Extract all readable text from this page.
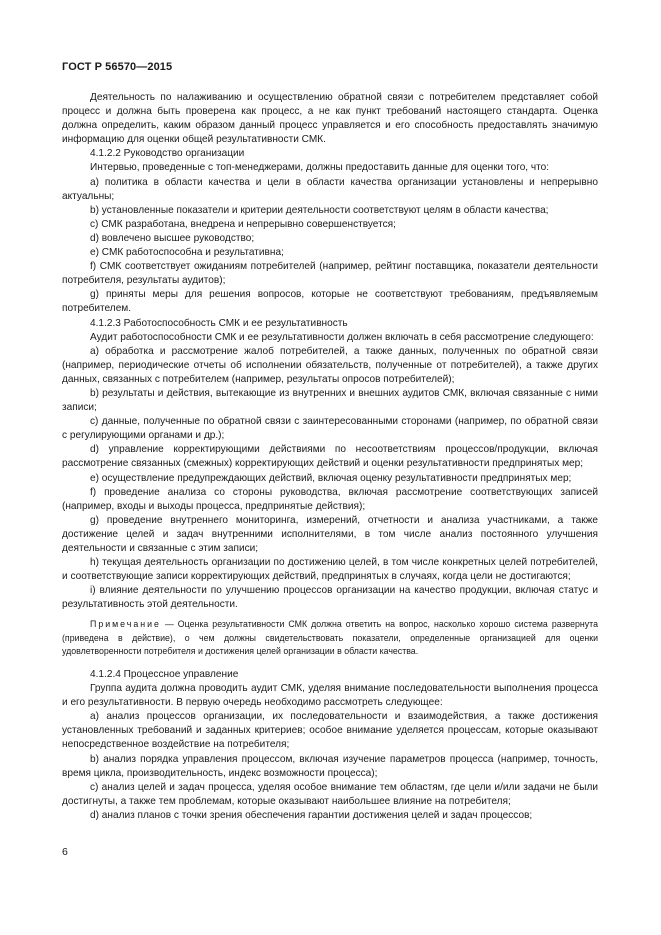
ГОСТ Р 56570—2015

Деятельность по налаживанию и осуществлению обратной связи с потребителем представляет собой процесс и должна быть проверена как процесс, а не как пункт требований настоящего стандарта. Оценка должна определить, каким образом данный процесс управляется и его способность предоставлять значимую информацию для оценки общей результативности СМК.

4.1.2.2 Руководство организации

Интервью, проведенные с топ-менеджерами, должны предоставить данные для оценки того, что:

а) политика в области качества и цели в области качества организации установлены и непрерывно актуальны;

b) установленные показатели и критерии деятельности соответствуют целям в области качества;

с) СМК разработана, внедрена и непрерывно совершенствуется;

d) вовлечено высшее руководство;

е) СМК работоспособна и результативна;

f) СМК соответствует ожиданиям потребителей (например, рейтинг поставщика, показатели деятельности потребителя, результаты аудитов);

g) приняты меры для решения вопросов, которые не соответствуют требованиям, предъявляемым потребителем.

4.1.2.3 Работоспособность СМК и ее результативность

Аудит работоспособности СМК и ее результативности должен включать в себя рассмотрение следующего:

а) обработка и рассмотрение жалоб потребителей, а также данных, полученных по обратной связи (например, периодические отчеты об исполнении обязательств, полученные от потребителей), а также других данных, связанных с потребителем (например, результаты опросов потребителей);

b) результаты и действия, вытекающие из внутренних и внешних аудитов СМК, включая связанные с ними записи;

с) данные, полученные по обратной связи с заинтересованными сторонами (например, по обратной связи с регулирующими органами и др.);

d) управление корректирующими действиями по несоответствиям процессов/продукции, включая рассмотрение связанных (смежных) корректирующих действий и оценки результативности предпринятых мер;

е) осуществление предупреждающих действий, включая оценку результативности предпринятых мер;

f) проведение анализа со стороны руководства, включая рассмотрение соответствующих записей (например, входы и выходы процесса, предпринятые действия);

g) проведение внутреннего мониторинга, измерений, отчетности и анализа участниками, а также достижение целей и задач внутренними исполнителями, в том числе анализ постоянного улучшения деятельности и связанные с этим записи;

h) текущая деятельность организации по достижению целей, в том числе конкретных целей потребителей, и соответствующие записи корректирующих действий, предпринятых в случаях, когда цели не достигаются;

i) влияние деятельности по улучшению процессов организации на качество продукции, включая статус и результативность этой деятельности.

Примечание — Оценка результативности СМК должна ответить на вопрос, насколько хорошо система развернута (приведена в действие), о чем должны свидетельствовать показатели, определенные организацией для оценки удовлетворенности потребителя и достижения целей организации в области качества.

4.1.2.4 Процессное управление

Группа аудита должна проводить аудит СМК, уделяя внимание последовательности выполнения процесса и его результативности. В первую очередь необходимо рассмотреть следующее:

а) анализ процессов организации, их последовательности и взаимодействия, а также достижения установленных требований и заданных критериев; особое внимание уделяется процессам, которые оказывают непосредственное воздействие на потребителя;

b) анализ порядка управления процессом, включая изучение параметров процесса (например, точность, время цикла, производительность, индекс возможности процесса);

с) анализ целей и задач процесса, уделяя особое внимание тем областям, где цели и/или задачи не были достигнуты, а также тем проблемам, которые оказывают наибольшее влияние на потребителя;

d) анализ планов с точки зрения обеспечения гарантии достижения целей и задач процессов;

6
